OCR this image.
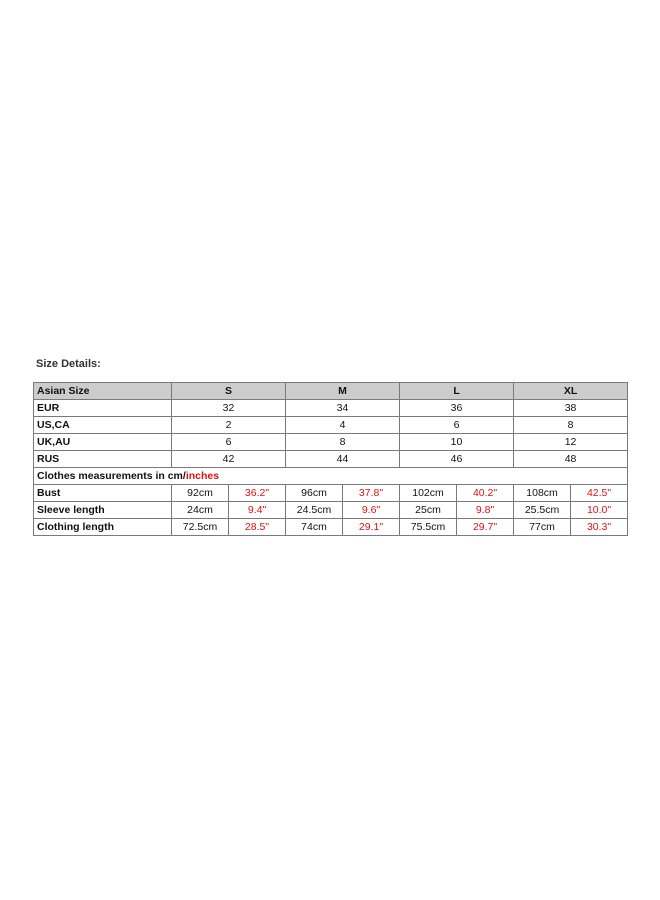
Size Details:
Asian Size	S		M		L		XL	
EUR	32		34		36		38	
US,CA	2		4		6		8	
UK,AU	6		8		10		12	
RUS	42		44		46		48	
Clothes measurements in cm/inches								
Bust	92cm	36.2"	96cm	37.8"	102cm	40.2"	108cm	42.5"
Sleeve length	24cm	9.4"	24.5cm	9.6"	25cm	9.8"	25.5cm	10.0"
Clothing length	72.5cm	28.5"	74cm	29.1"	75.5cm	29.7"	77cm	30.3"
